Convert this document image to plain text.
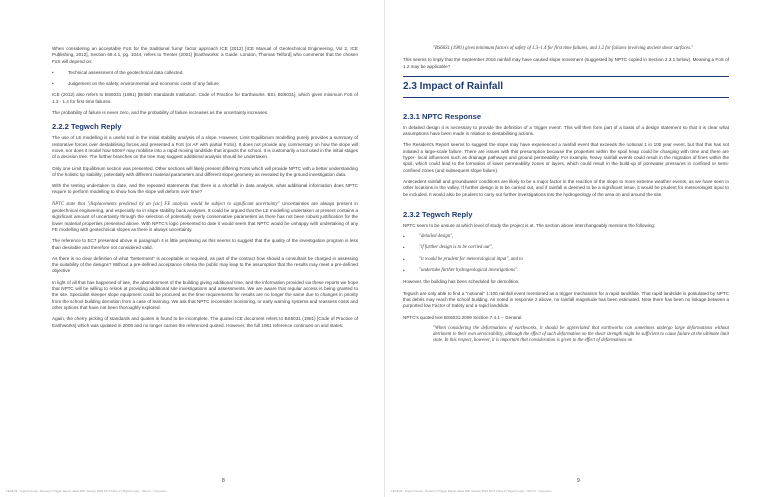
When considering an acceptable FoS for the traditional 'lump' factor approach ICE (2012) [ICE Manual of Geotechnical Engineering, Vol 2, ICE Publishing, 2012], Section 69.4.1, pg. 1044, refers to Trenter (2001) [Earthworks: a Guide. London, Thomas Telford] who comments that the chosen FoS will depend on:

•	Technical assessment of the geotechnical data collected.
•	Judgement on the safety, environmental and economic costs of any failure.

ICE (2012) also refers to BS6031 (1981) [British Standards Institution. Code of Practice for Earthworks. BSI, BS6031], which gives minimum FoS of 1.3 - 1.4 for first time failures.

The probability of failure is never zero, and the probability of failure increases as the uncertainty increases.

2.2.2 Tegwch Reply

The use of LE modelling is a useful tool in the initial stability analysis of a slope. However, Limit Equilibrium modelling purely provides a summary of restorative forces over destabilising forces and presented a FoS (or AF with partial FoSs). It does not provide any commentary on how the slope will move, nor does it model how 500m³ may mobilise into a rapid moving landslide that impacts the school. It is customarily a tool used in the initial stages of a decision tree. The further branches on the tree may suggest additional analysis should be undertaken.

Only one Limit Equilibrium section was presented. Other sections will likely present differing FoSs which will provide NPTC with a better understanding of the holistic tip stability; potentially with different material parameters and different slope geometry as revealed by the ground investigation data.

With the testing undertaken to date, and the repeated statements that there is a shortfall in data analysis, what additional information does NPTC require to perform modelling to show how the slope will deform over time?

NPTC state that "displacements predicted by an [sic] FE analysis would be subject to significant uncertainty" Uncertainties are always present in geotechnical engineering, and especially so in slope stability back analyses. It could be argued that the LE modelling undertaken at present contains a significant amount of uncertainty through the selection of potentially overly conservative parameters as there has not been robust justification for the lower material properties presented above. With NPTC's logic presented to date it would seem that NPTC would be unhappy with undertaking of any FE modelling with geotechnical slopes as there is always uncertainty.

The reference to EC7 presented above in paragraph 4 is little perplexing as this seems to suggest that the quality of the investigation program is less than desirable and therefore not considered valid.

As there is no clear definition of what "betterment" is acceptable or required, as part of the contract how should a consultant be charged in assessing the suitability of the designs? Without a pre-defined acceptance criteria the public may leap to the assumption that the results may meet a pre-defined objective

In light of all that has happened of late, the abandonment of the building giving additional time, and the information provided via these reports we hope that NPTC will be willing to relook at providing additional site investigations and assessments. We are aware that regular access is being granted to the site. Specialist steeper slope equipment could be procured as the time requirements for results are no longer the same due to changes in priority from the school building demotion from a case of learning. We ask that NPTC reconsider monitoring, or early warning systems and reassess costs and other options that have not been thoroughly explored.

Again, the cherry picking of standards and quotes is found to be incomplete. The quoted ICE document refers to BS6031 (1981) [Code of Practice of Earthworks] which was updated in 2009 and no longer carries the referenced quoted. However, the full 1981 reference continues on and states:

8
TEG8-09 - Tegwch Group - Review of Trigger Report dated 18th January 2023 SG 6.0 Rev 2 (Tegwch reply) - Word 2 - Copy.docx

"BS6031 (1981) gives minimum factors of safety of 1.3–1.4 for first time failures, and 1.2 for failures involving ancient shear surfaces."

This seems to imply that the September 2016 rainfall may have caused slope movement (suggested by NPTC copied in Section 2.3.1 below). Meaning a FoS of 1.2 may be applicable?

2.3 Impact of Rainfall
2.3.1 NPTC Response

In detailed design it is necessary to provide the definition of a 'trigger event'. This will then form part of a basis of a design statement so that it is clear what assumptions have been made in relation to destabilising actions.

The Resident's Report seems to suggest the slope may have experienced a rainfall event that exceeds the notional 1 in 100 year event, but that this has not initiated a large-scale failure. There are issues with this presumption because the properties within the spoil heap could be changing with time and there are hyper- local influences such as drainage pathways and ground permeability. For example, heavy rainfall events could result in the migration of fines within the spoil, which could lead to the formation of lower permeability zones or layers, which could result in the build-up of porewater pressures in confined or semi-confined zones (and subsequent slope failure).

Antecedent rainfall and groundwater conditions are likely to be a major factor in the reaction of the slope to more extreme weather events, as we have seen in other locations in the valley. If further design is to be carried out, and if rainfall is deemed to be a significant issue, it would be prudent for meteorologist input to be included. It would also be prudent to carry out further investigations into the hydrogeology of the area on and around the site.

2.3.2 Tegwch Reply

NPTC seem to be unsure at which level of study the project is at. The section above interchangeably mentions the following:

•	"detailed design",
•	"if further design is to be carried out",
•	"it would be prudent for meteorological input", and to
•	"undertake further hydrogeological investigations".

However, the building has been scheduled for demolition.

Tegwch are only able to find a "notional" 1:100 rainfall event mentioned as a trigger mechanism for a rapid landslide. That rapid landslide is postulated by NPTC that debris may reach the school building. As noted in response 2 above, no rainfall magnitude has been estimated. Note there has been no linkage between a purported low Factor of Safety and a rapid landslide.

NPTC's quoted text BS6031:2009 Section 7.4.1 – General

"When considering the deformations of earthworks, it should be appreciated that earthworks can sometimes undergo large deformations without detriment to their own serviceability, although the effect of such deformation on the shear strength might be sufficient to cause failure at the ultimate limit state. In this respect, however, it is important that consideration is given to the effect of deformations on

9
TEG8-09 - Tegwch Group - Review of Trigger Report dated 18th January 2023 SG 6.0 Rev 2 (Tegwch reply) - Word 2 - Copy.docx
